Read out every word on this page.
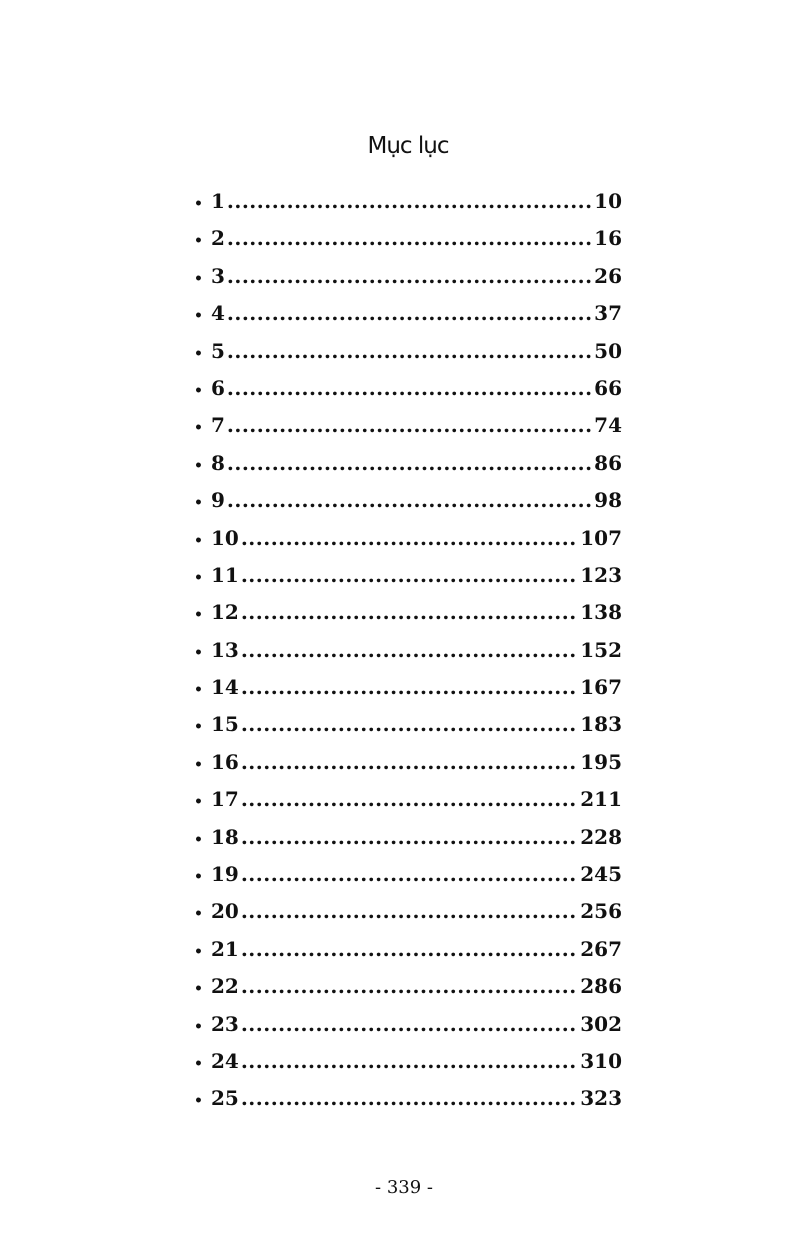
Mục lục
• 1 .....	10
• 2 .....	16
• 3 .....	26
• 4 .....	37
• 5 .....	50
• 6 .....	66
• 7 .....	74
• 8 .....	86
• 9 .....	98
• 10 .....	107
• 11 .....	123
• 12 .....	138
• 13 .....	152
• 14 .....	167
• 15 .....	183
• 16 .....	195
• 17 .....	211
• 18 .....	228
• 19 .....	245
• 20 .....	256
• 21 .....	267
• 22 .....	286
• 23 .....	302
• 24 .....	310
• 25 .....	323
- 339 -
